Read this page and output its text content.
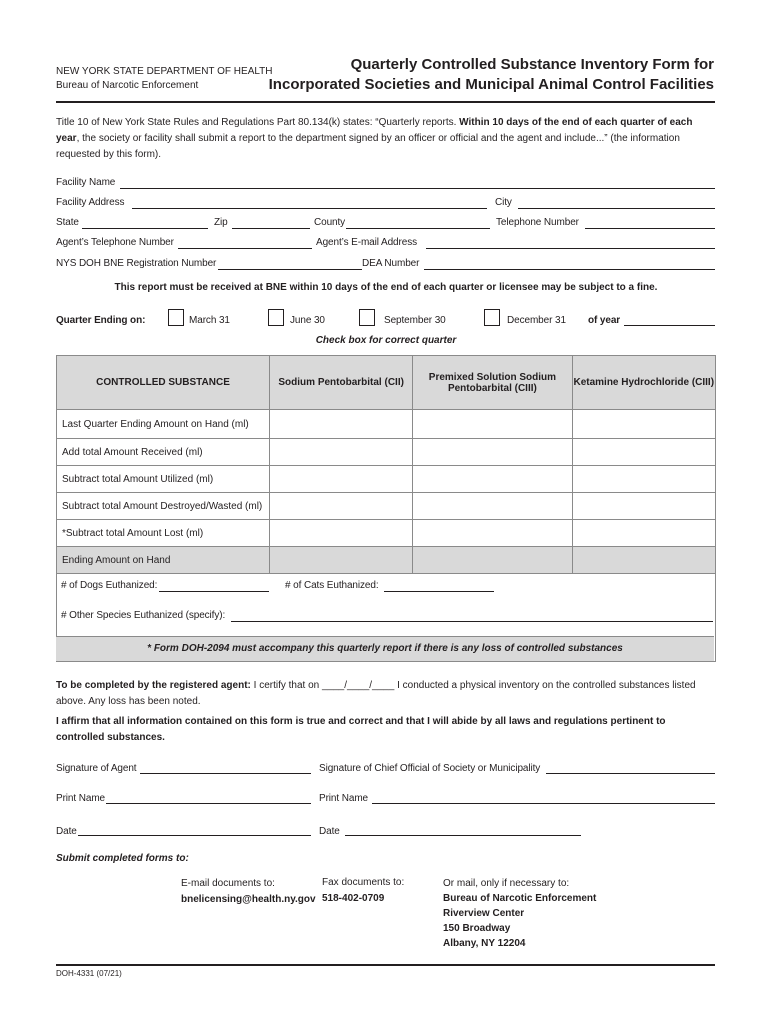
NEW YORK STATE DEPARTMENT OF HEALTH
Bureau of Narcotic Enforcement
Quarterly Controlled Substance Inventory Form for
Incorporated Societies and Municipal Animal Control Facilities
Title 10 of New York State Rules and Regulations Part 80.134(k) states: “Quarterly reports. Within 10 days of the end of each quarter of each year, the society or facility shall submit a report to the department signed by an officer or official and the agent and include...” (the information requested by this form).
Facility Name
Facility Address	City
State	Zip	County	Telephone Number
Agent’s Telephone Number	Agent’s E-mail Address
NYS DOH BNE Registration Number	DEA Number
This report must be received at BNE within 10 days of the end of each quarter or licensee may be subject to a fine.
Quarter Ending on:	March 31	June 30	September 30	December 31 of year
Check box for correct quarter
CONTROLLED SUBSTANCE	Sodium Pentobarbital (CII)	Premixed Solution Sodium Pentobarbital (CIII)	Ketamine Hydrochloride (CIII)
Last Quarter Ending Amount on Hand (ml)			
Add total Amount Received (ml)			
Subtract total Amount Utilized (ml)			
Subtract total Amount Destroyed/Wasted (ml)			
*Subtract total Amount Lost (ml)			
Ending Amount on Hand			
# of Dogs Euthanized:	# of Cats Euthanized:
# Other Species Euthanized (specify):
* Form DOH-2094 must accompany this quarterly report if there is any loss of controlled substances
To be completed by the registered agent: I certify that on ____/____/____ I conducted a physical inventory on the controlled substances listed above. Any loss has been noted.
I affirm that all information contained on this form is true and correct and that I will abide by all laws and regulations pertinent to controlled substances.
Signature of Agent	Signature of Chief Official of Society or Municipality
Print Name	Print Name
Date	Date
Submit completed forms to:
E-mail documents to:
bnelicensing@health.ny.gov
Fax documents to:
518-402-0709
Or mail, only if necessary to:
Bureau of Narcotic Enforcement
Riverview Center
150 Broadway
Albany, NY 12204
DOH-4331 (07/21)
